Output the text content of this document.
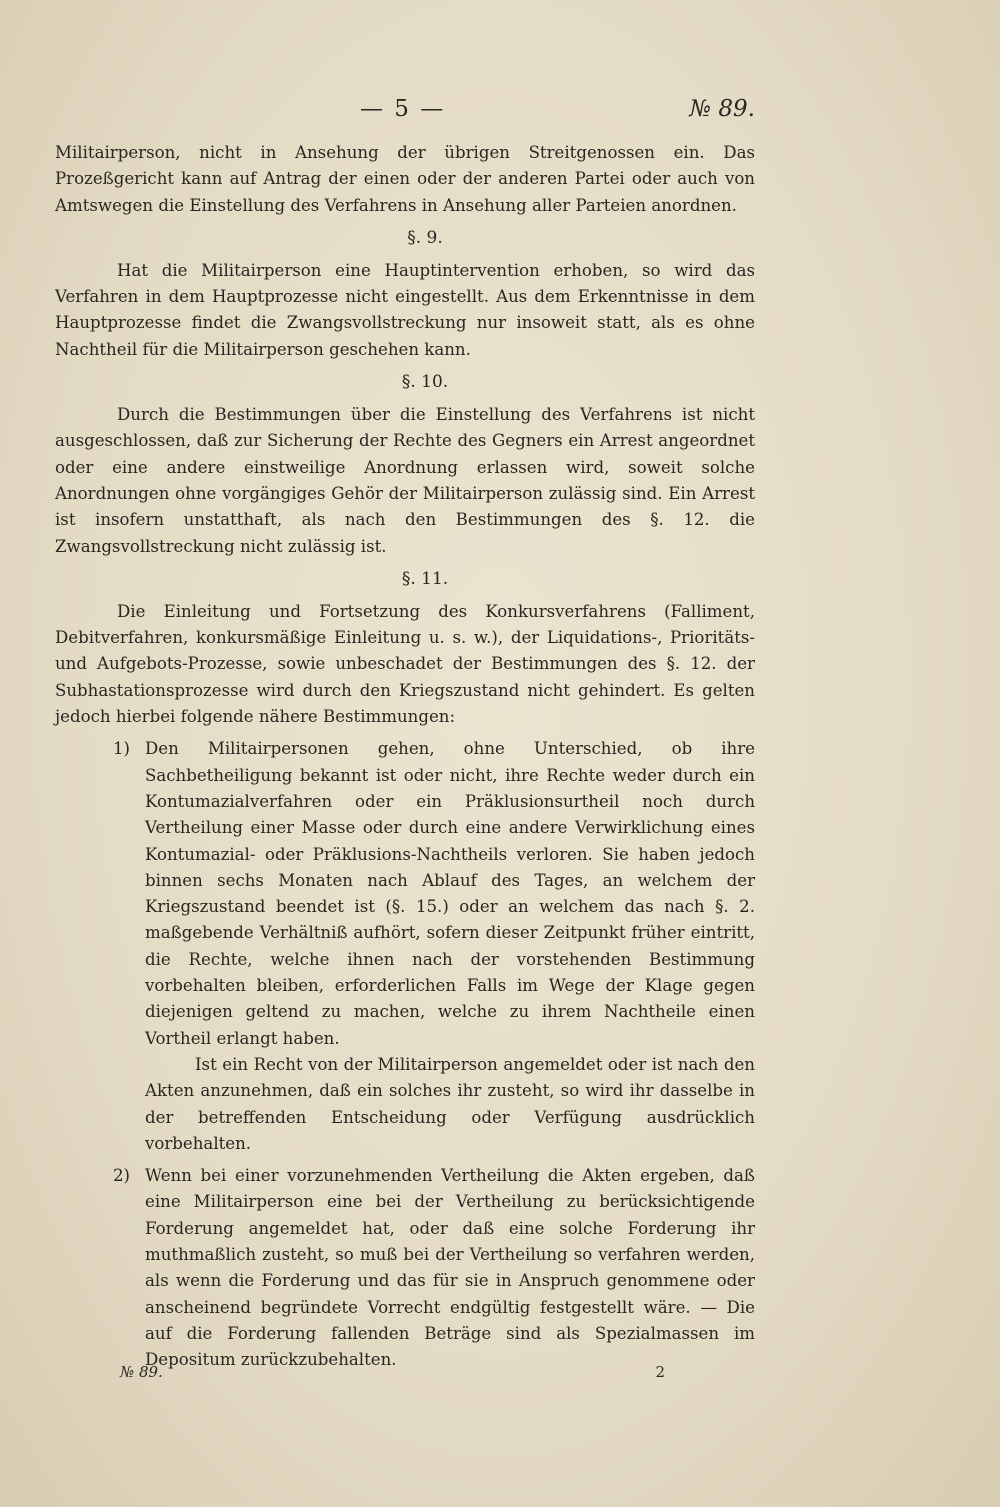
— 5 —	№ 89.

Militairperson, nicht in Ansehung der übrigen Streitgenossen ein. Das Prozeßgericht kann auf Antrag der einen oder der anderen Partei oder auch von Amtswegen die Einstellung des Verfahrens in Ansehung aller Parteien anordnen.

§. 9.

Hat die Militairperson eine Hauptintervention erhoben, so wird das Verfahren in dem Hauptprozesse nicht eingestellt. Aus dem Erkenntnisse in dem Hauptprozesse findet die Zwangsvollstreckung nur insoweit statt, als es ohne Nachtheil für die Militairperson geschehen kann.

§. 10.

Durch die Bestimmungen über die Einstellung des Verfahrens ist nicht ausgeschlossen, daß zur Sicherung der Rechte des Gegners ein Arrest angeordnet oder eine andere einstweilige Anordnung erlassen wird, soweit solche Anordnungen ohne vorgängiges Gehör der Militairperson zulässig sind. Ein Arrest ist insofern unstatthaft, als nach den Bestimmungen des §. 12. die Zwangsvollstreckung nicht zulässig ist.

§. 11.

Die Einleitung und Fortsetzung des Konkursverfahrens (Falliment, Debitverfahren, konkursmäßige Einleitung u. s. w.), der Liquidations-, Prioritäts- und Aufgebots-Prozesse, sowie unbeschadet der Bestimmungen des §. 12. der Subhastationsprozesse wird durch den Kriegszustand nicht gehindert. Es gelten jedoch hierbei folgende nähere Bestimmungen:

1) Den Militairpersonen gehen, ohne Unterschied, ob ihre Sachbetheiligung bekannt ist oder nicht, ihre Rechte weder durch ein Kontumazialverfahren oder ein Präklusionsurtheil noch durch Vertheilung einer Masse oder durch eine andere Verwirklichung eines Kontumazial- oder Präklusions-Nachtheils verloren. Sie haben jedoch binnen sechs Monaten nach Ablauf des Tages, an welchem der Kriegszustand beendet ist (§. 15.) oder an welchem das nach §. 2. maßgebende Verhältniß aufhört, sofern dieser Zeitpunkt früher eintritt, die Rechte, welche ihnen nach der vorstehenden Bestimmung vorbehalten bleiben, erforderlichen Falls im Wege der Klage gegen diejenigen geltend zu machen, welche zu ihrem Nachtheile einen Vortheil erlangt haben.

Ist ein Recht von der Militairperson angemeldet oder ist nach den Akten anzunehmen, daß ein solches ihr zusteht, so wird ihr dasselbe in der betreffenden Entscheidung oder Verfügung ausdrücklich vorbehalten.

2) Wenn bei einer vorzunehmenden Vertheilung die Akten ergeben, daß eine Militairperson eine bei der Vertheilung zu berücksichtigende Forderung angemeldet hat, oder daß eine solche Forderung ihr muthmaßlich zusteht, so muß bei der Vertheilung so verfahren werden, als wenn die Forderung und das für sie in Anspruch genommene oder anscheinend begründete Vorrecht endgültig festgestellt wäre. — Die auf die Forderung fallenden Beträge sind als Spezialmassen im Depositum zurückzubehalten.

№ 89.	2
